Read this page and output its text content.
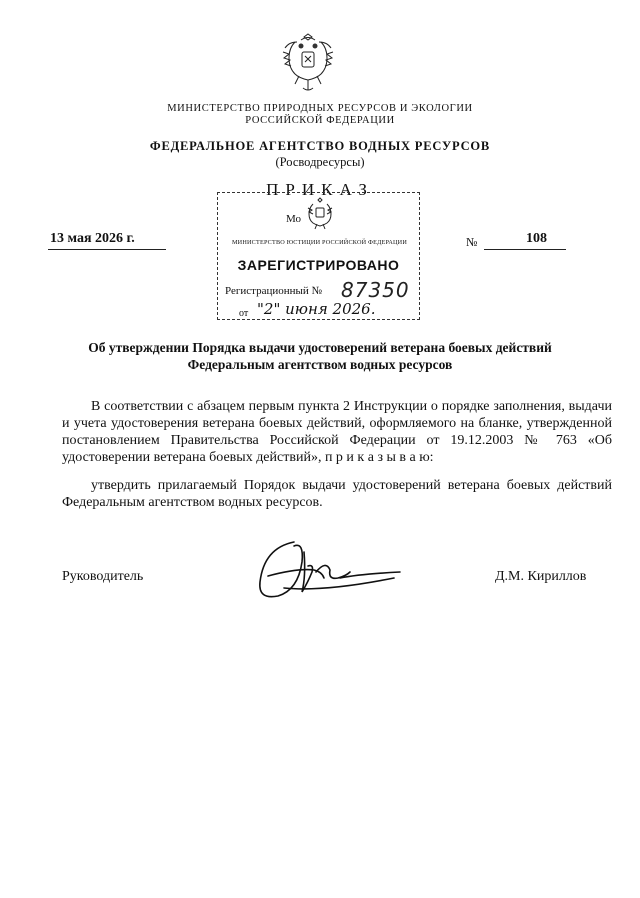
МИНИСТЕРСТВО ПРИРОДНЫХ РЕСУРСОВ И ЭКОЛОГИИ
РОССИЙСКОЙ ФЕДЕРАЦИИ
ФЕДЕРАЛЬНОЕ АГЕНТСТВО ВОДНЫХ РЕСУРСОВ
(Росводресурсы)
ПРИКАЗ
13 мая 2026 г.	№	108
Мо
МИНИСТЕРСТВО ЮСТИЦИИ РОССИЙСКОЙ ФЕДЕРАЦИИ
ЗАРЕГИСТРИРОВАНО
Регистрационный № 87350
от "2" июня 2026.
Об утверждении Порядка выдачи удостоверений ветерана боевых действий
Федеральным агентством водных ресурсов
В соответствии с абзацем первым пункта 2 Инструкции о порядке заполнения, выдачи и учета удостоверения ветерана боевых действий, оформляемого на бланке, утвержденной постановлением Правительства Российской Федерации от 19.12.2003 № 763 «Об удостоверении ветерана боевых действий», п р и к а з ы в а ю:
утвердить прилагаемый Порядок выдачи удостоверений ветерана боевых действий Федеральным агентством водных ресурсов.
Руководитель	Д.М. Кириллов
